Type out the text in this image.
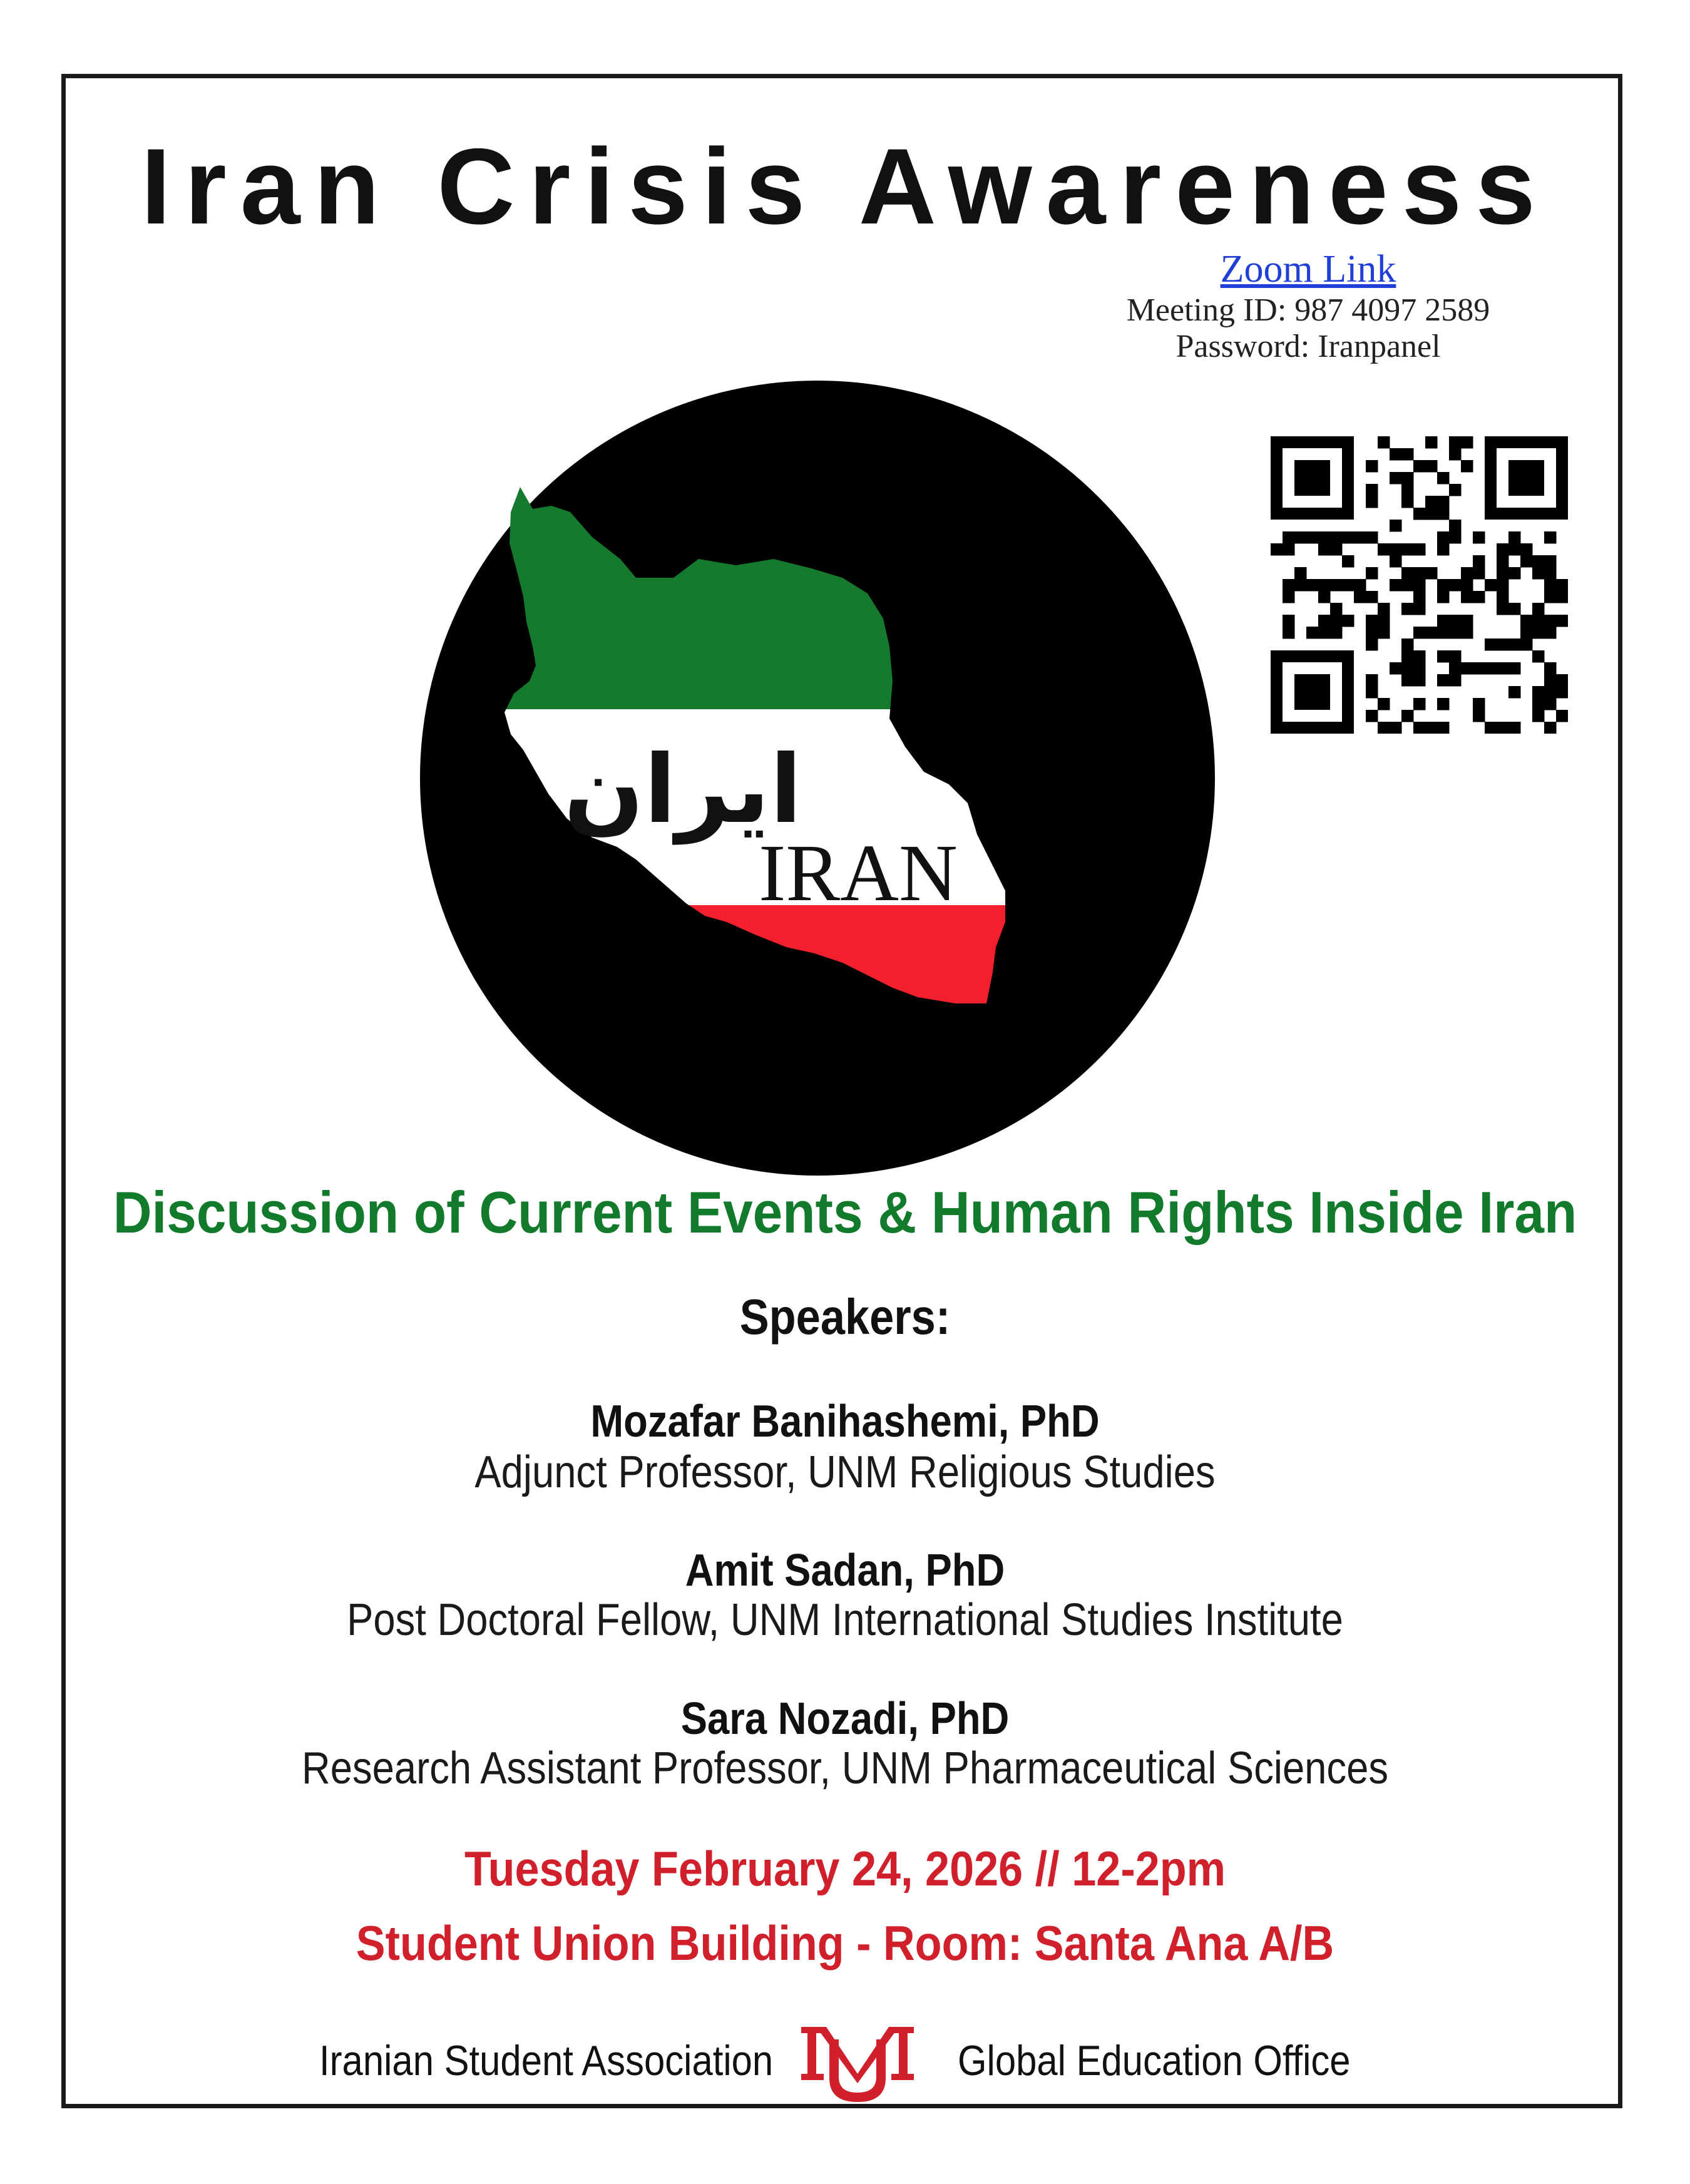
Iran Crisis Awareness
Zoom Link
Meeting ID: 987 4097 2589
Password: Iranpanel
ایران
IRAN
Discussion of Current Events & Human Rights Inside Iran
Speakers:
Mozafar Banihashemi, PhD
Adjunct Professor, UNM Religious Studies
Amit Sadan, PhD
Post Doctoral Fellow, UNM International Studies Institute
Sara Nozadi, PhD
Research Assistant Professor, UNM Pharmaceutical Sciences
Tuesday February 24, 2026 // 12-2pm
Student Union Building - Room: Santa Ana A/B
Iranian Student Association	Global Education Office
